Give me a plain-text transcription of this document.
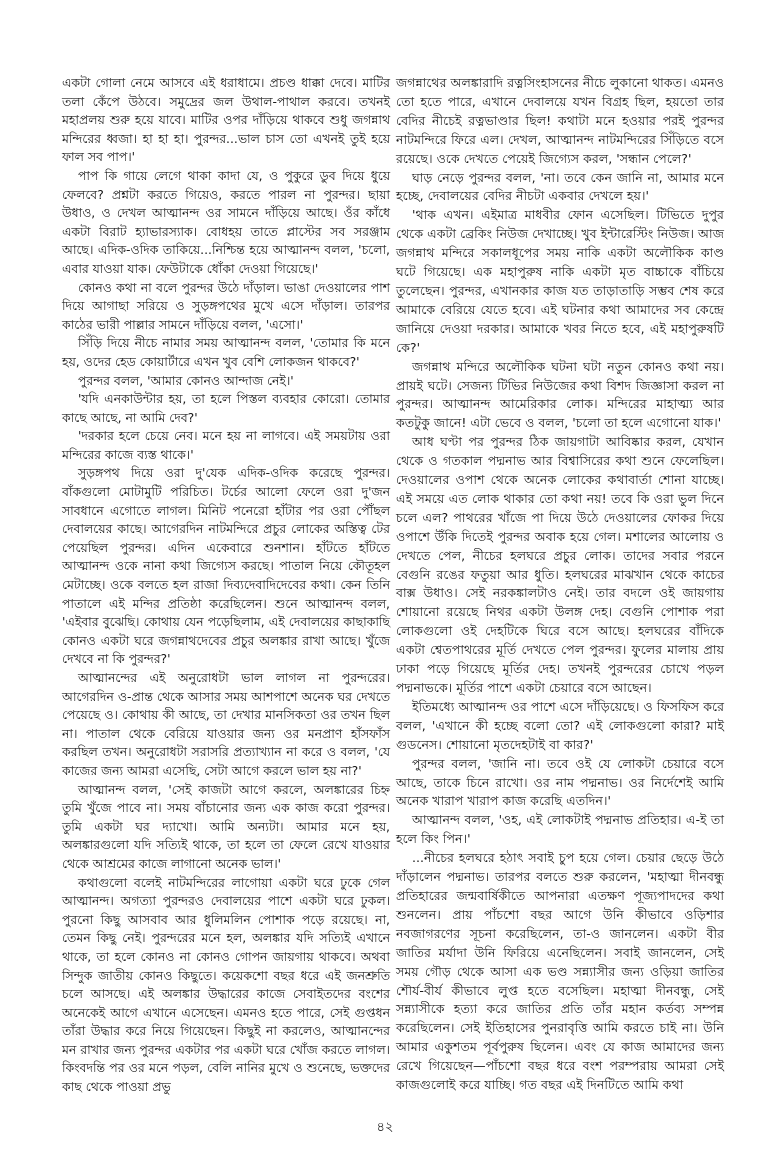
একটা গোলা নেমে আসবে এই ধরাধামে। প্রচণ্ড ধাক্কা দেবে। মাটির তলা কেঁপে উঠবে। সমুদ্রের জল উথাল-পাথাল করবে। তখনই মহাপ্রলয় শুরু হয়ে যাবে। মাটির ওপর দাঁড়িয়ে থাকবে শুধু জগন্নাথ মন্দিরের ধ্বজা। হা হা হা। পুরন্দর...ভাল চাস তো এখনই তুই হয়ে ফাল সব পাপ।'

পাপ কি গায়ে লেগে থাকা কাদা যে, ও পুকুরে ডুব দিয়ে ধুয়ে ফেলবে? প্রশ্নটা করতে গিয়েও, করতে পারল না পুরন্দর। ছায়া উধাও, ও দেখল আত্মানন্দ ওর সামনে দাঁড়িয়ে আছে। ওঁর কাঁধে একটা বিরাট হ্যাভারস্যাক। বোধহয় তাতে প্লাস্টের সব সরঞ্জাম আছে। এদিক-ওদিক তাকিয়ে...নিশ্চিন্ত হয়ে আত্মানন্দ বলল, 'চলো, এবার যাওয়া যাক। ফেউটাকে ধোঁকা দেওয়া গিয়েছে।'

কোনও কথা না বলে পুরন্দর উঠে দাঁড়াল। ভাঙা দেওয়ালের পাশ দিয়ে আগাছা সরিয়ে ও সুড়ঙ্গপথের মুখে এসে দাঁড়াল। তারপর কাঠের ভারী পাল্লার সামনে দাঁড়িয়ে বলল, 'এসো।'

সিঁড়ি দিয়ে নীচে নামার সময় আত্মানন্দ বলল, 'তোমার কি মনে হয়, ওদের হেড কোয়ার্টারে এখন খুব বেশি লোকজন থাকবে?'

পুরন্দর বলল, 'আমার কোনও আন্দাজ নেই।'

'যদি এনকাউন্টার হয়, তা হলে পিস্তল ব্যবহার কোরো। তোমার কাছে আছে, না আমি দেব?'

'দরকার হলে চেয়ে নেব। মনে হয় না লাগবে। এই সময়টায় ওরা মন্দিরের কাজে ব্যস্ত থাকে।'

সুড়ঙ্গপথ দিয়ে ওরা দু'যেক এদিক-ওদিক করেছে পুরন্দর। বাঁকগুলো মোটামুটি পরিচিত। টর্চের আলো ফেলে ওরা দু'জন সাবধানে এগোতে লাগল। মিনিট পনেরো হাঁটার পর ওরা পৌঁছল দেবালয়ের কাছে। আগেরদিন নাটমন্দিরে প্রচুর লোকের অস্তিত্ব টের পেয়েছিল পুরন্দর। এদিন একেবারে শুনশান। হাঁটতে হাঁটতে আত্মানন্দ ওকে নানা কথা জিগ্যেস করছে। পাতাল নিয়ে কৌতূহল মেটাচ্ছে। ওকে বলতে হল রাজা দিব্যদেবাদিদেবের কথা। কেন তিনি পাতালে এই মন্দির প্রতিষ্ঠা করেছিলেন। শুনে আত্মানন্দ বলল, 'এইবার বুঝেছি। কোথায় যেন পড়েছিলাম, এই দেবালয়ের কাছাকাছি কোনও একটা ঘরে জগন্নাথদেবের প্রচুর অলঙ্কার রাখা আছে। খুঁজে দেখবে না কি পুরন্দর?'

আত্মানন্দের এই অনুরোধটা ভাল লাগল না পুরন্দরের। আগেরদিন ও-প্রান্ত থেকে আসার সময় আশপাশে অনেক ঘর দেখতে পেয়েছে ও। কোথায় কী আছে, তা দেখার মানসিকতা ওর তখন ছিল না। পাতাল থেকে বেরিয়ে যাওয়ার জন্য ওর মনপ্রাণ হাঁসফাঁস করছিল তখন। অনুরোধটা সরাসরি প্রত্যাখ্যান না করে ও বলল, 'যে কাজের জন্য আমরা এসেছি, সেটা আগে করলে ভাল হয় না?'

আত্মানন্দ বলল, 'সেই কাজটা আগে করলে, অলঙ্কারের চিহ্ন তুমি খুঁজে পাবে না। সময় বাঁচানোর জন্য এক কাজ করো পুরন্দর। তুমি একটা ঘর দ্যাখো। আমি অন্যটা। আমার মনে হয়, অলঙ্কারগুলো যদি সত্যিই থাকে, তা হলে তা ফেলে রেখে যাওয়ার থেকে আশ্রমের কাজে লাগানো অনেক ভাল।'

কথাগুলো বলেই নাটমন্দিরের লাগোয়া একটা ঘরে ঢুকে গেল আত্মানন্দ। অগত্যা পুরন্দরও দেবালয়ের পাশে একটা ঘরে ঢুকল। পুরনো কিছু আসবাব আর ধুলিমলিন পোশাক পড়ে রয়েছে। না, তেমন কিছু নেই। পুরন্দরের মনে হল, অলঙ্কার যদি সত্যিই এখানে থাকে, তা হলে কোনও না কোনও গোপন জায়গায় থাকবে। অথবা সিন্দুক জাতীয় কোনও কিছুতে। কয়েকশো বছর ধরে এই জনশ্রুতি চলে আসছে। এই অলঙ্কার উদ্ধারের কাজে সেবাইতদের বংশের অনেকেই আগে এখানে এসেছেন। এমনও হতে পারে, সেই গুপ্তধন তাঁরা উদ্ধার করে নিয়ে গিয়েছেন। কিছুই না করলেও, আত্মানন্দের মন রাখার জন্য পুরন্দর একটার পর একটা ঘরে খোঁজ করতে লাগল। কিংবদন্তি পর ওর মনে পড়ল, বেলি নানির মুখে ও শুনেছে, ভক্তদের কাছ থেকে পাওয়া প্রভু

জগন্নাথের অলঙ্কারাদি রত্নসিংহাসনের নীচে লুকানো থাকত। এমনও তো হতে পারে, এখানে দেবালয়ে যখন বিগ্রহ ছিল, হয়তো তার বেদির নীচেই রত্নভাণ্ডার ছিল! কথাটা মনে হওয়ার পরই পুরন্দর নাটমন্দিরে ফিরে এল। দেখল, আত্মানন্দ নাটমন্দিরের সিঁড়িতে বসে রয়েছে। ওকে দেখতে পেয়েই জিগ্যেস করল, 'সন্ধান পেলে?'

ঘাড় নেড়ে পুরন্দর বলল, 'না। তবে কেন জানি না, আমার মনে হচ্ছে, দেবালয়ের বেদির নীচটা একবার দেখলে হয়।'

'থাক এখন। এইমাত্র মাধবীর ফোন এসেছিল। টিভিতে দুপুর থেকে একটা ব্রেকিং নিউজ দেখাচ্ছে। খুব ইন্টারেস্টিং নিউজ। আজ জগন্নাথ মন্দিরে সকালধূপের সময় নাকি একটা অলৌকিক কাণ্ড ঘটে গিয়েছে। এক মহাপুরুষ নাকি একটা মৃত বাচ্চাকে বাঁচিয়ে তুলেছেন। পুরন্দর, এখানকার কাজ যত তাড়াতাড়ি সম্ভব শেষ করে আমাকে বেরিয়ে যেতে হবে। এই ঘটনার কথা আমাদের সব কেন্দ্রে জানিয়ে দেওয়া দরকার। আমাকে খবর নিতে হবে, এই মহাপুরুষটি কে?'

জগন্নাথ মন্দিরে অলৌকিক ঘটনা ঘটা নতুন কোনও কথা নয়। প্রায়ই ঘটে। সেজন্য টিভির নিউজের কথা বিশদ জিজ্ঞাসা করল না পুরন্দর। আত্মানন্দ আমেরিকার লোক। মন্দিরের মাহাত্ম্য আর কতটুকু জানে! এটা ভেবে ও বলল, 'চলো তা হলে এগোনো যাক।'

আধ ঘণ্টা পর পুরন্দর ঠিক জায়গাটা আবিষ্কার করল, যেখান থেকে ও গতকাল পদ্মনাভ আর বিশ্বাসিরের কথা শুনে ফেলেছিল। দেওয়ালের ওপাশ থেকে অনেক লোকের কথাবার্তা শোনা যাচ্ছে। এই সময়ে এত লোক থাকার তো কথা নয়! তবে কি ওরা ভুল দিনে চলে এল? পাথরের খাঁজে পা দিয়ে উঠে দেওয়ালের ফোকর দিয়ে ওপাশে উঁকি দিতেই পুরন্দর অবাক হয়ে গেল। মশালের আলোয় ও দেখতে পেল, নীচের হলঘরে প্রচুর লোক। তাদের সবার পরনে বেগুনি রঙের ফতুয়া আর ধুতি। হলঘরের মাঝখান থেকে কাচের বাক্স উধাও। সেই নরকঙ্কালটাও নেই। তার বদলে ওই জায়গায় শোয়ানো রয়েছে নিথর একটা উলঙ্গ দেহ। বেগুনি পোশাক পরা লোকগুলো ওই দেহটিকে ঘিরে বসে আছে। হলঘরের বাঁদিকে একটা শ্বেতপাথরের মূর্তি দেখতে পেল পুরন্দর। ফুলের মালায় প্রায় ঢাকা পড়ে গিয়েছে মূর্তির দেহ। তখনই পুরন্দরের চোখে পড়ল পদ্মনাভকে। মূর্তির পাশে একটা চেয়ারে বসে আছেন।

ইতিমধ্যে আত্মানন্দ ওর পাশে এসে দাঁড়িয়েছে। ও ফিসফিস করে বলল, 'এখানে কী হচ্ছে বলো তো? এই লোকগুলো কারা? মাই গুডনেস। শোয়ানো মৃতদেহটাই বা কার?'

পুরন্দর বলল, 'জানি না। তবে ওই যে লোকটা চেয়ারে বসে আছে, তাকে চিনে রাখো। ওর নাম পদ্মনাভ। ওর নির্দেশেই আমি অনেক খারাপ খারাপ কাজ করেছি এতদিন।'

আত্মানন্দ বলল, 'ওহ, এই লোকটাই পদ্মনাভ প্রতিহার। এ-ই তা হলে কিং পিন।'

...নীচের হলঘরে হঠাৎ সবাই চুপ হয়ে গেল। চেয়ার ছেড়ে উঠে দাঁড়ালেন পদ্মনাভ। তারপর বলতে শুরু করলেন, 'মহাত্মা দীনবন্ধু প্রতিহারের জন্মবার্ষিকীতে আপনারা এতক্ষণ পূজ্যপাদদের কথা শুনলেন। প্রায় পাঁচশো বছর আগে উনি কীভাবে ওড়িশার নবজাগরণের সূচনা করেছিলেন, তা-ও জানলেন। একটা বীর জাতির মর্যাদা উনি ফিরিয়ে এনেছিলেন। সবাই জানলেন, সেই সময় গৌড় থেকে আসা এক ভণ্ড সন্ন্যাসীর জন্য ওড়িয়া জাতির শৌর্য-বীর্য কীভাবে লুপ্ত হতে বসেছিল। মহাত্মা দীনবন্ধু, সেই সন্ন্যাসীকে হত্যা করে জাতির প্রতি তাঁর মহান কর্তব্য সম্পন্ন করেছিলেন। সেই ইতিহাসের পুনরাবৃত্তি আমি করতে চাই না। উনি আমার একুশতম পূর্বপুরুষ ছিলেন। এবং যে কাজ আমাদের জন্য রেখে গিয়েছেন—পাঁচশো বছর ধরে বংশ পরম্পরায় আমরা সেই কাজগুলোই করে যাচ্ছি। গত বছর এই দিনটিতে আমি কথা

৪২
